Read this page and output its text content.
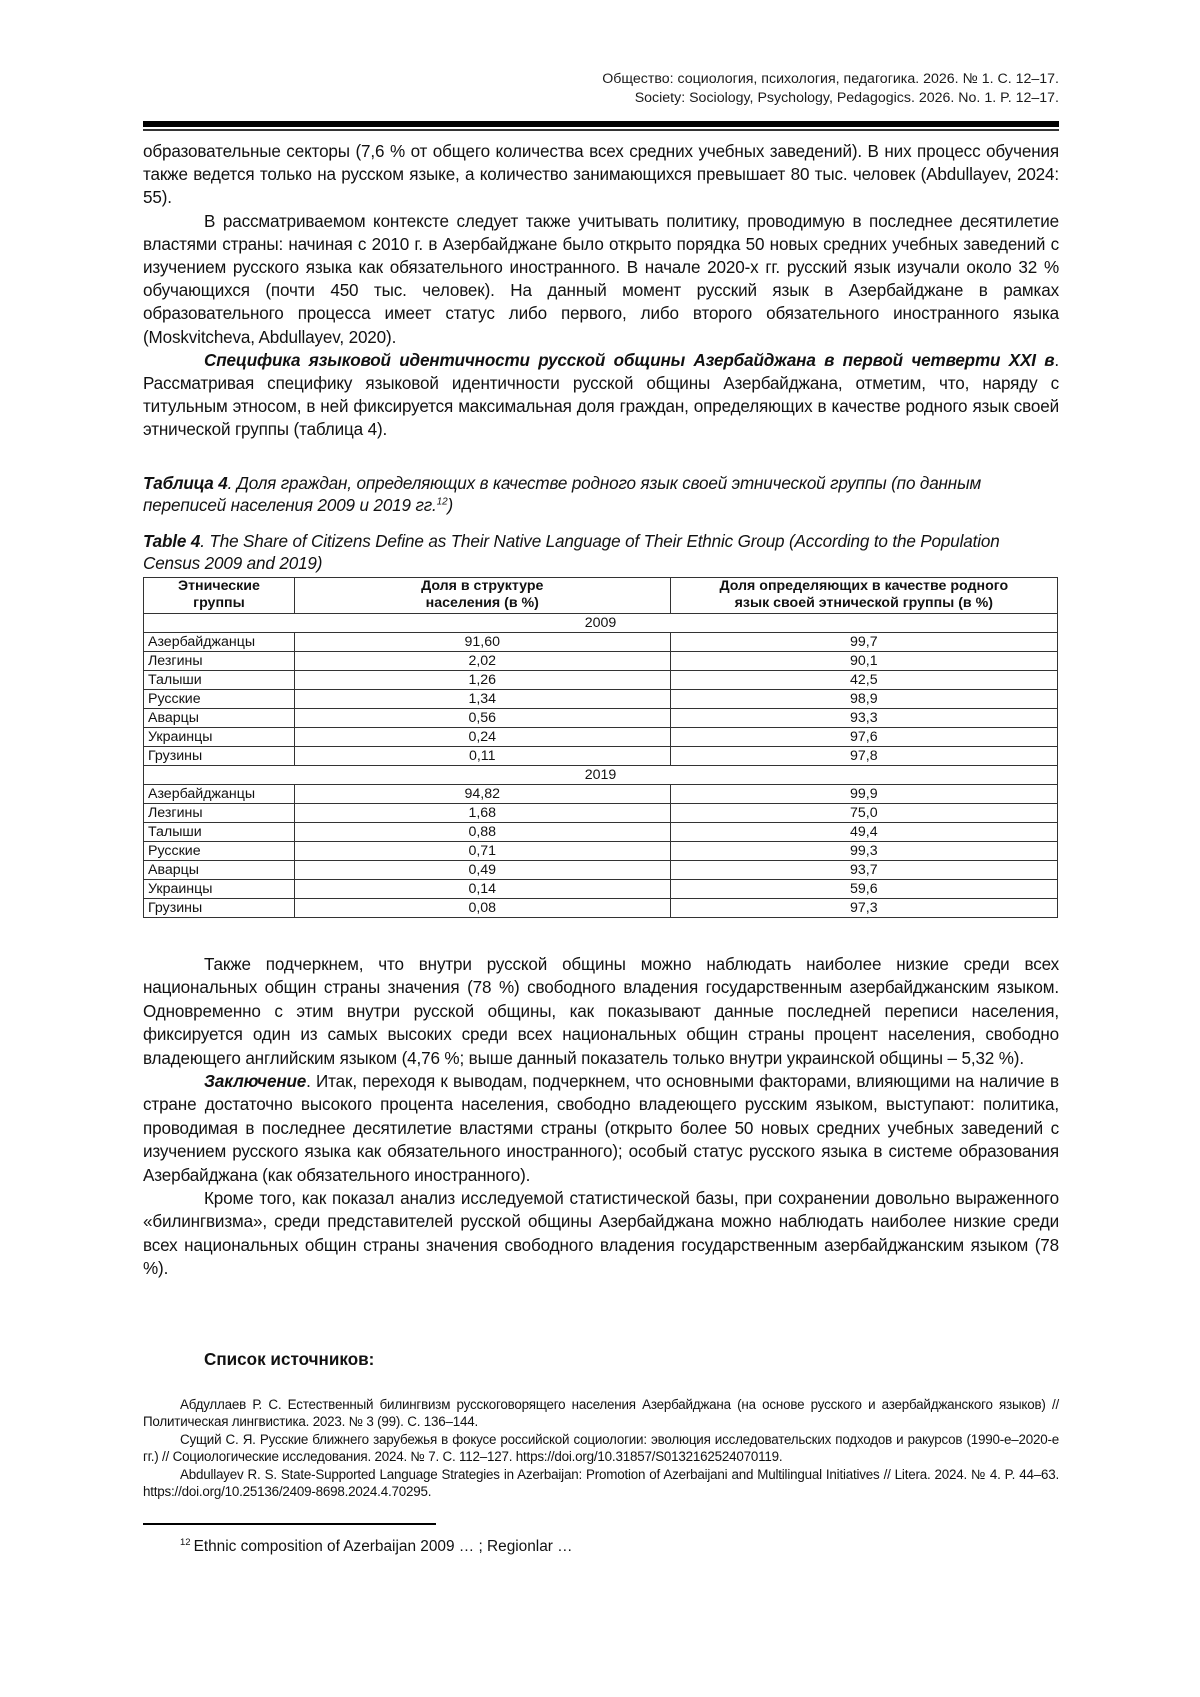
Общество: социология, психология, педагогика. 2026. № 1. С. 12–17.
Society: Sociology, Psychology, Pedagogics. 2026. No. 1. P. 12–17.

образовательные секторы (7,6 % от общего количества всех средних учебных заведений). В них процесс обучения также ведется только на русском языке, а количество занимающихся превышает 80 тыс. человек (Abdullayev, 2024: 55).

В рассматриваемом контексте следует также учитывать политику, проводимую в последнее десятилетие властями страны: начиная с 2010 г. в Азербайджане было открыто порядка 50 новых средних учебных заведений с изучением русского языка как обязательного иностранного. В начале 2020-х гг. русский язык изучали около 32 % обучающихся (почти 450 тыс. человек). На данный момент русский язык в Азербайджане в рамках образовательного процесса имеет статус либо первого, либо второго обязательного иностранного языка (Moskvitcheva, Abdullayev, 2020).

Специфика языковой идентичности русской общины Азербайджана в первой четверти XXI в. Рассматривая специфику языковой идентичности русской общины Азербайджана, отметим, что, наряду с титульным этносом, в ней фиксируется максимальная доля граждан, определяющих в качестве родного язык своей этнической группы (таблица 4).

Таблица 4. Доля граждан, определяющих в качестве родного язык своей этнической группы (по данным переписей населения 2009 и 2019 гг.$^{12}$)
Table 4. The Share of Citizens Define as Their Native Language of Their Ethnic Group (According to the Population Census 2009 and 2019)
Этнические группы	Доля в структуре населения (в %)	Доля определяющих в качестве родного язык своей этнической группы (в %)
2009		
Азербайджанцы	91,60	99,7
Лезгины	2,02	90,1
Талыши	1,26	42,5
Русские	1,34	98,9
Аварцы	0,56	93,3
Украинцы	0,24	97,6
Грузины	0,11	97,8
2019		
Азербайджанцы	94,82	99,9
Лезгины	1,68	75,0
Талыши	0,88	49,4
Русские	0,71	99,3
Аварцы	0,49	93,7
Украинцы	0,14	59,6
Грузины	0,08	97,3

Также подчеркнем, что внутри русской общины можно наблюдать наиболее низкие среди всех национальных общин страны значения (78 %) свободного владения государственным азербайджанским языком. Одновременно с этим внутри русской общины, как показывают данные последней переписи населения, фиксируется один из самых высоких среди всех национальных общин страны процент населения, свободно владеющего английским языком (4,76 %; выше данный показатель только внутри украинской общины – 5,32 %).

Заключение. Итак, переходя к выводам, подчеркнем, что основными факторами, влияющими на наличие в стране достаточно высокого процента населения, свободно владеющего русским языком, выступают: политика, проводимая в последнее десятилетие властями страны (открыто более 50 новых средних учебных заведений с изучением русского языка как обязательного иностранного); особый статус русского языка в системе образования Азербайджана (как обязательного иностранного).

Кроме того, как показал анализ исследуемой статистической базы, при сохранении довольно выраженного «билингвизма», среди представителей русской общины Азербайджана можно наблюдать наиболее низкие среди всех национальных общин страны значения свободного владения государственным азербайджанским языком (78 %).

Список источников:

Абдуллаев Р. С. Естественный билингвизм русскоговорящего населения Азербайджана (на основе русского и азербайджанского языков) // Политическая лингвистика. 2023. № 3 (99). С. 136–144.

Сущий С. Я. Русские ближнего зарубежья в фокусе российской социологии: эволюция исследовательских подходов и ракурсов (1990-е–2020-е гг.) // Социологические исследования. 2024. № 7. С. 112–127. https://doi.org/10.31857/S0132162524070119.

Abdullayev R. S. State-Supported Language Strategies in Azerbaijan: Promotion of Azerbaijani and Multilingual Initiatives // Litera. 2024. № 4. P. 44–63. https://doi.org/10.25136/2409-8698.2024.4.70295.

$^{12}$ Ethnic composition of Azerbaijan 2009 … ; Regionlar …
